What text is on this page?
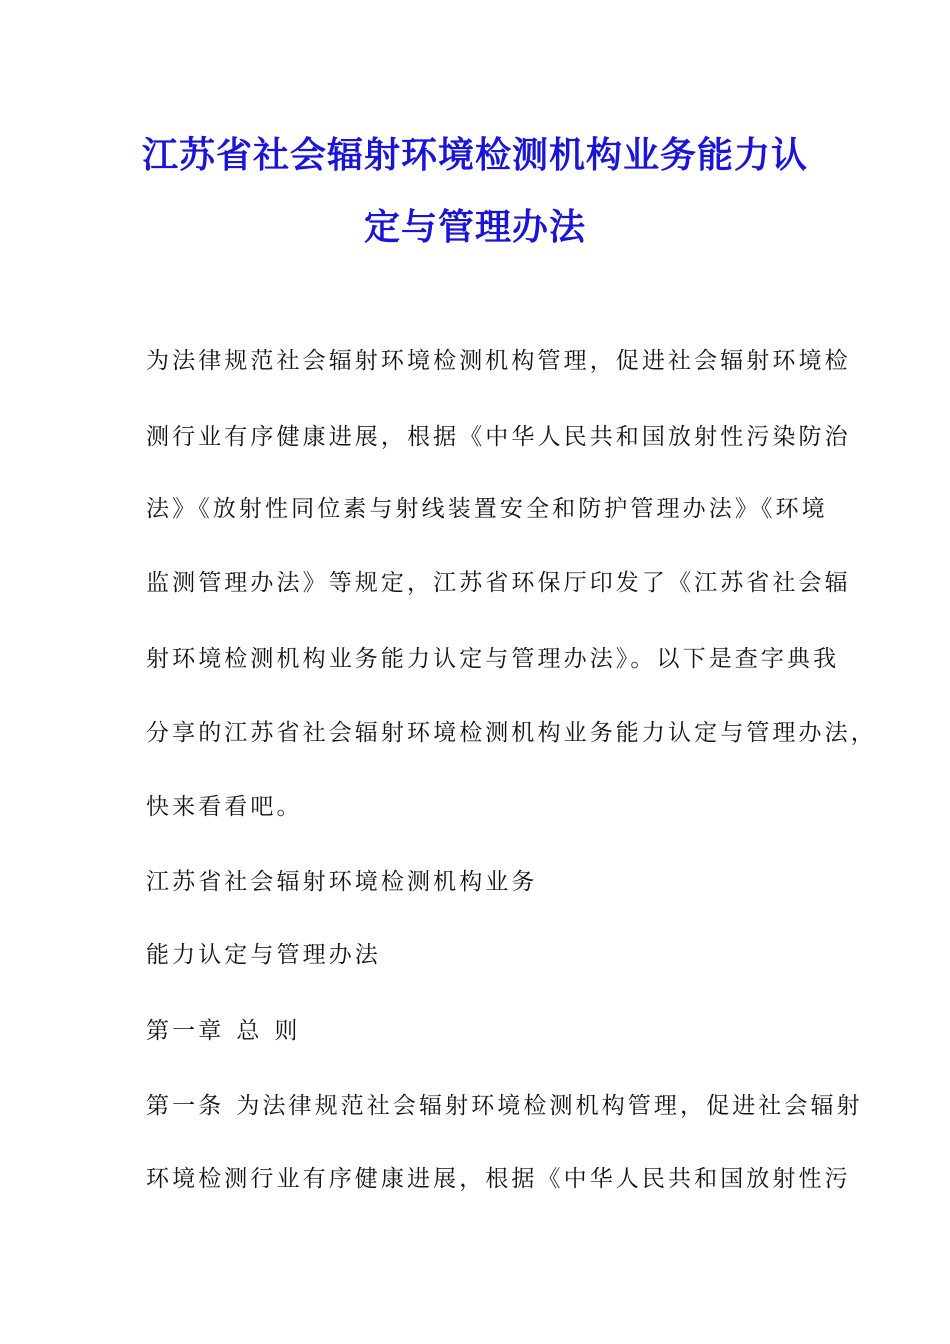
江苏省社会辐射环境检测机构业务能力认
定与管理办法
为法律规范社会辐射环境检测机构管理，促进社会辐射环境检
测行业有序健康进展，根据《中华人民共和国放射性污染防治
法》《放射性同位素与射线装置安全和防护管理办法》《环境
监测管理办法》等规定，江苏省环保厅印发了《江苏省社会辐
射环境检测机构业务能力认定与管理办法》。以下是查字典我
分享的江苏省社会辐射环境检测机构业务能力认定与管理办法，
快来看看吧。
江苏省社会辐射环境检测机构业务
能力认定与管理办法
第一章 总 则
第一条 为法律规范社会辐射环境检测机构管理，促进社会辐射
环境检测行业有序健康进展，根据《中华人民共和国放射性污
